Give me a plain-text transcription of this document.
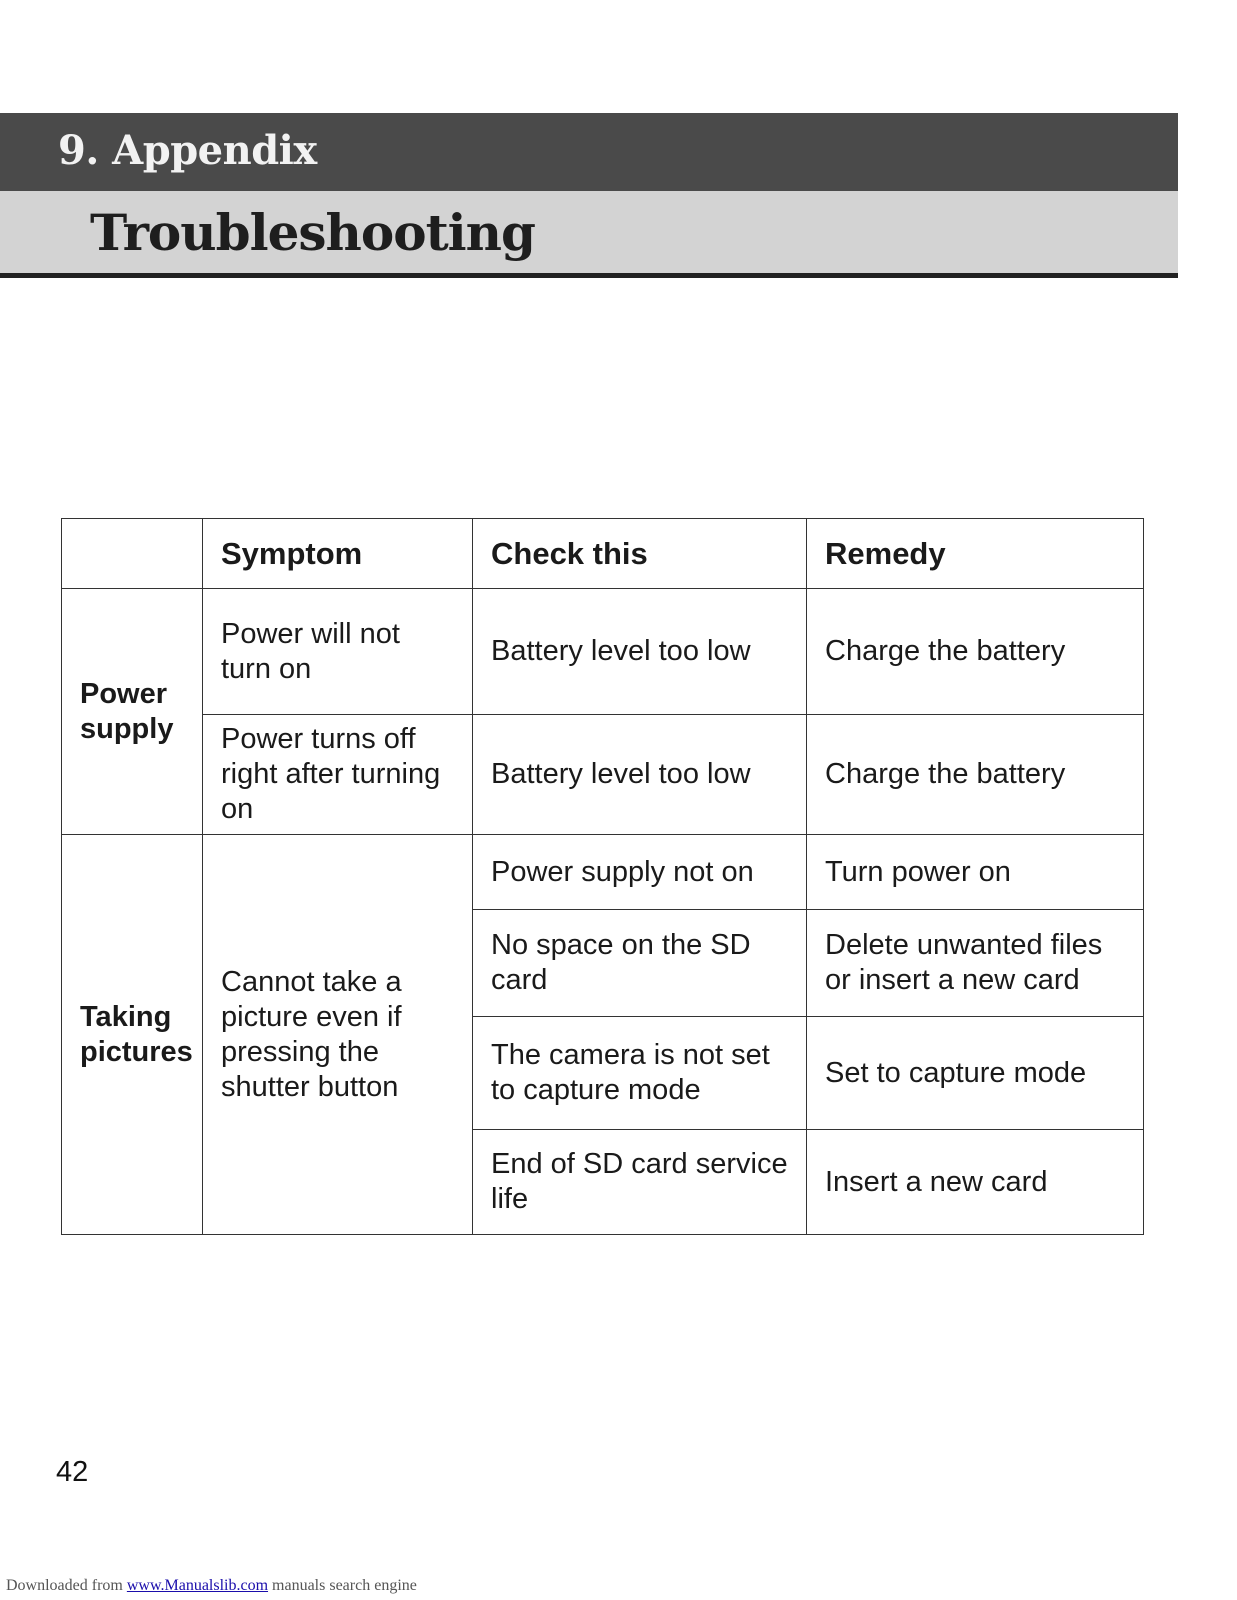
9. Appendix
Troubleshooting
	Symptom	Check this	Remedy
Power supply	Power will not turn on	Battery level too low	Charge the battery
	Power turns off right after turning on	Battery level too low	Charge the battery
Taking pictures	Cannot take a picture even if pressing the shutter button	Power supply not on	Turn power on
		No space on the SD card	Delete unwanted files or insert a new card
		The camera is not set to capture mode	Set to capture mode
		End of SD card service life	Insert a new card
42
Downloaded from www.Manualslib.com manuals search engine
